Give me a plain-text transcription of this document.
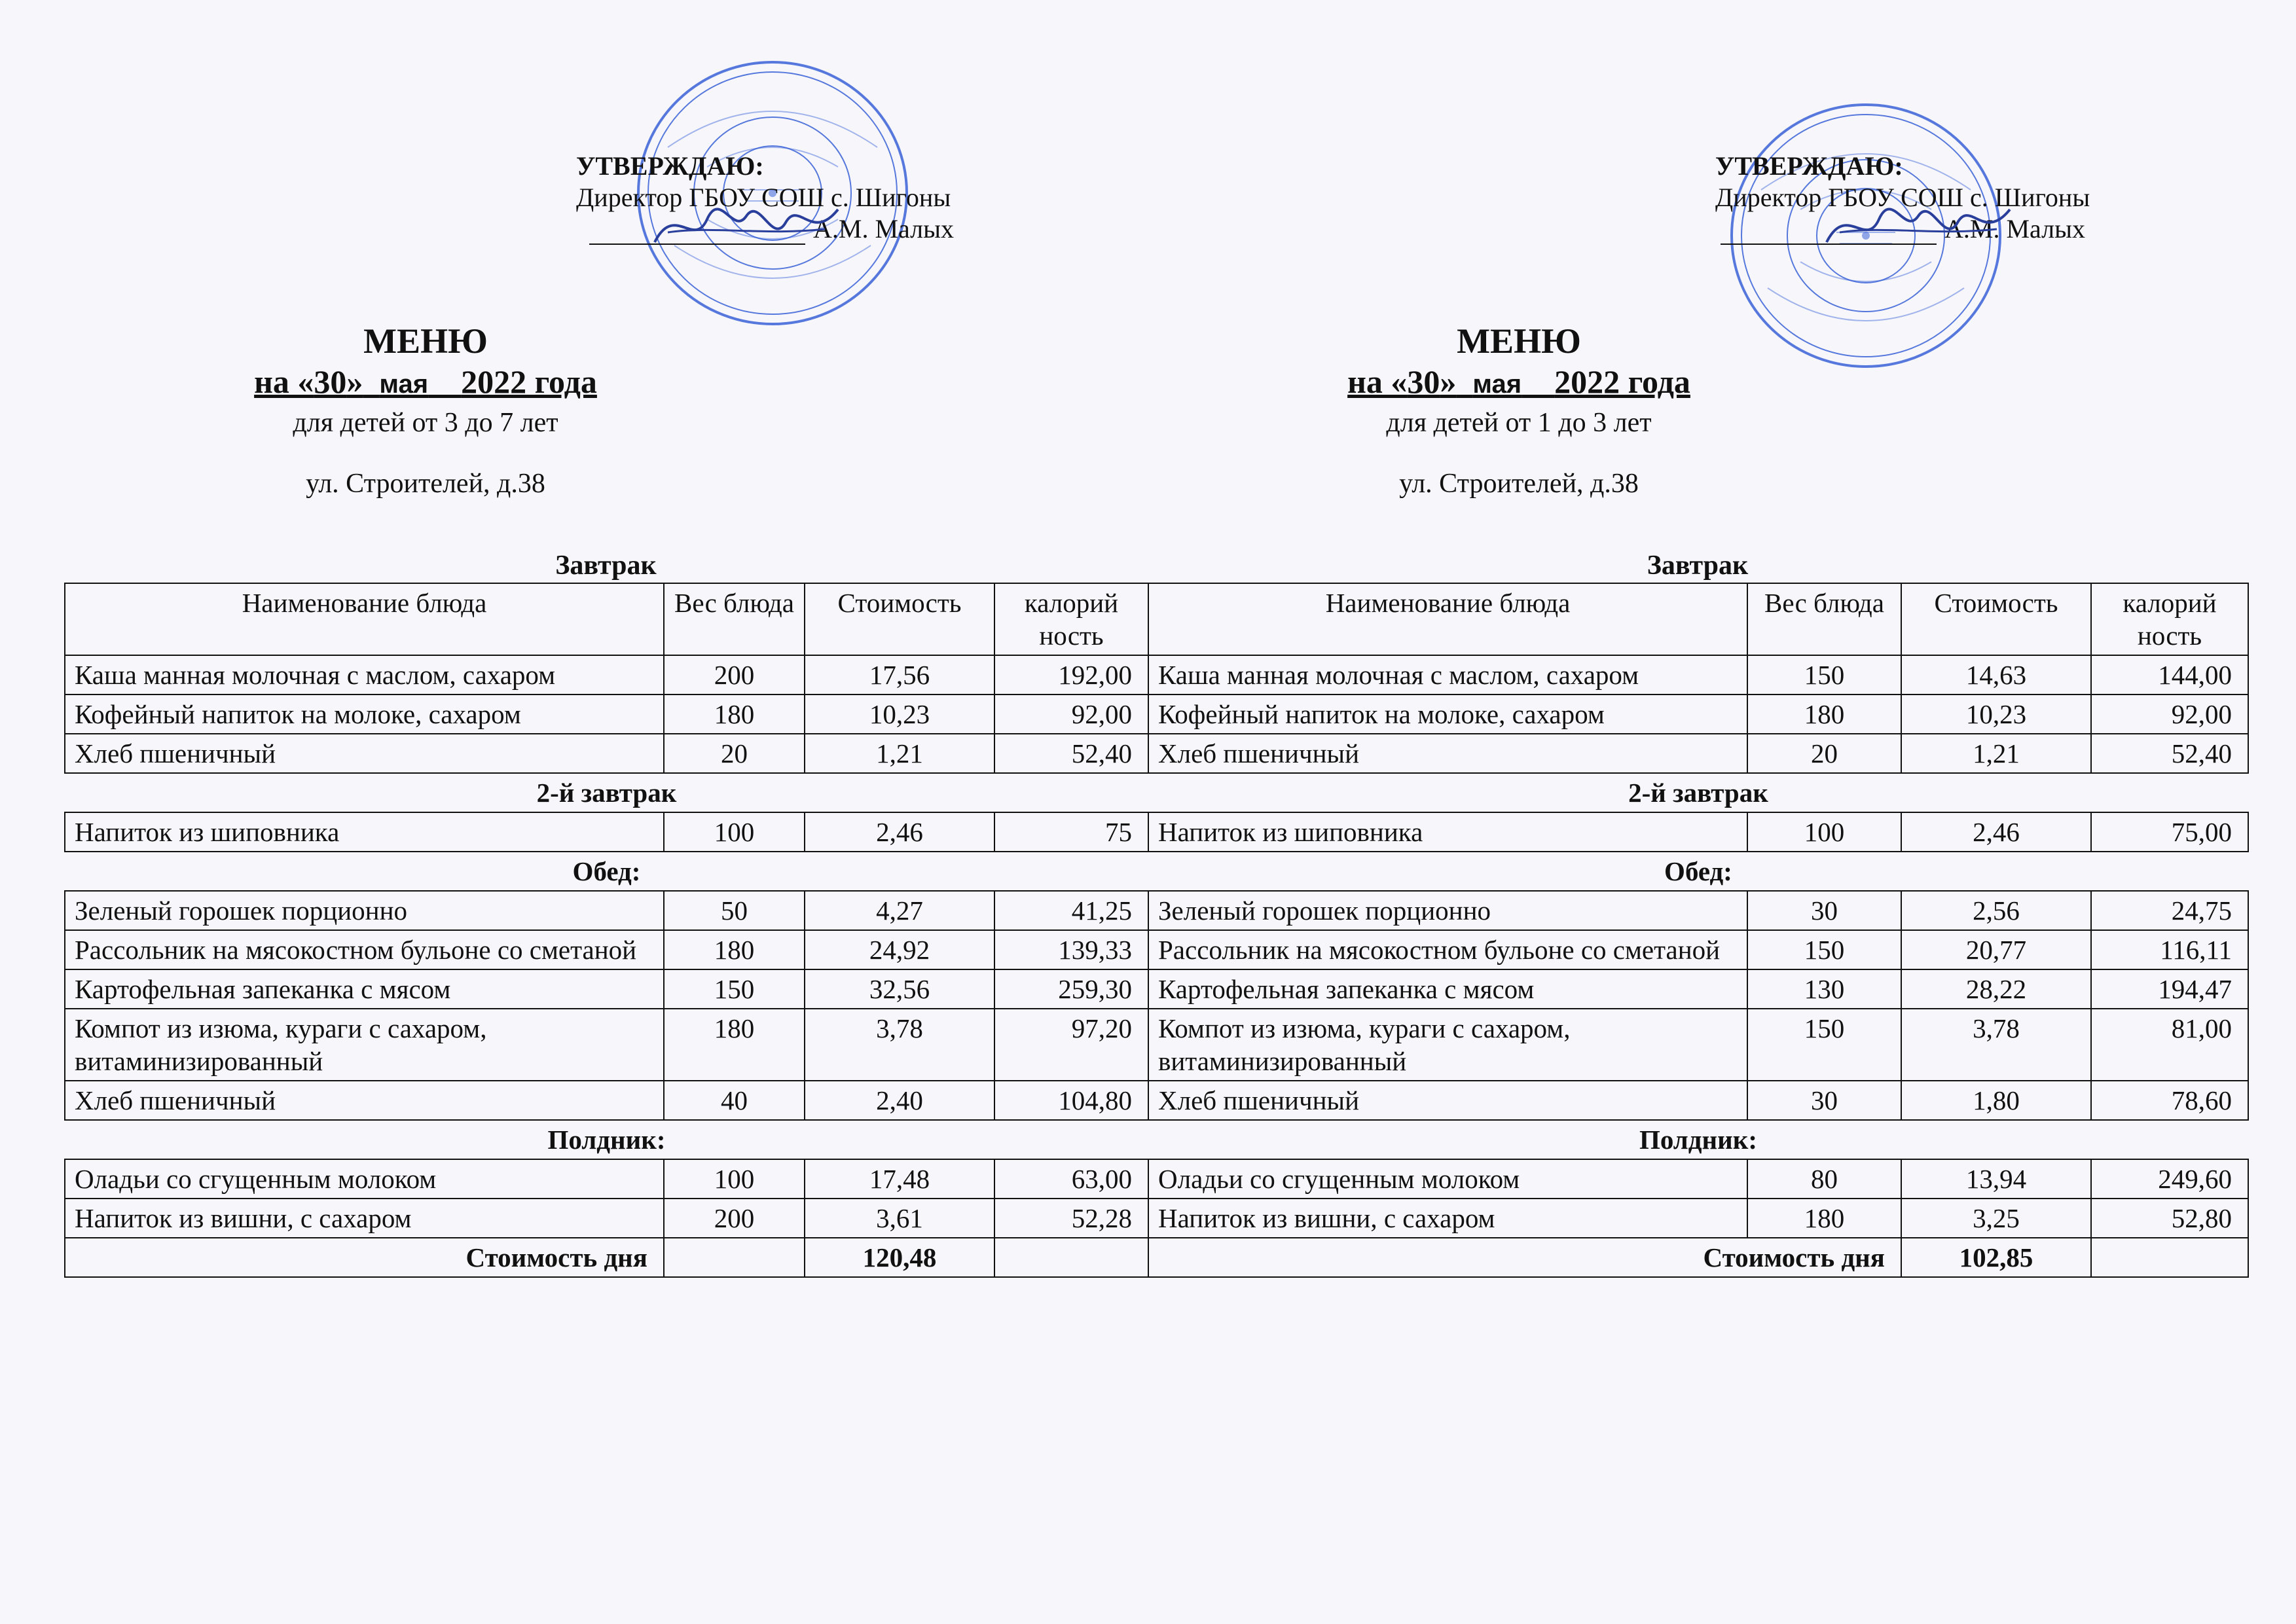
УТВЕРЖДАЮ:
Директор ГБОУ СОШ с. Шигоны
А.М. Малых
УТВЕРЖДАЮ:
Директор ГБОУ СОШ с. Шигоны
А.М. Малых
МЕНЮ
на «30» мая 2022 года
для детей от 3 до 7 лет
ул. Строителей, д.38
МЕНЮ
на «30» мая 2022 года
для детей от 1 до 3 лет
ул. Строителей, д.38
Завтрак	Завтрак
Наименование блюда	Вес блюда	Стоимость	калорий ность	Наименование блюда	Вес блюда	Стоимость	калорий ность
Каша манная молочная с маслом, сахаром	200	17,56	192,00	Каша манная молочная с маслом, сахаром	150	14,63	144,00
Кофейный напиток на молоке, сахаром	180	10,23	92,00	Кофейный напиток на молоке, сахаром	180	10,23	92,00
Хлеб пшеничный	20	1,21	52,40	Хлеб пшеничный	20	1,21	52,40
2-й завтрак				2-й завтрак			
Напиток из шиповника	100	2,46	75	Напиток из шиповника	100	2,46	75,00
Обед:				Обед:			
Зеленый горошек порционно	50	4,27	41,25	Зеленый горошек порционно	30	2,56	24,75
Рассольник на мясокостном бульоне со сметаной	180	24,92	139,33	Рассольник на мясокостном бульоне со сметаной	150	20,77	116,11
Картофельная запеканка с мясом	150	32,56	259,30	Картофельная запеканка с мясом	130	28,22	194,47
Компот из изюма, кураги с сахаром, витаминизированный	180	3,78	97,20	Компот из изюма, кураги с сахаром, витаминизированный	150	3,78	81,00
Хлеб пшеничный	40	2,40	104,80	Хлеб пшеничный	30	1,80	78,60
Полдник:				Полдник:			
Оладьи со сгущенным молоком	100	17,48	63,00	Оладьи со сгущенным молоком	80	13,94	249,60
Напиток из вишни, с сахаром	200	3,61	52,28	Напиток из вишни, с сахаром	180	3,25	52,80
Стоимость дня		120,48		Стоимость дня		102,85	
